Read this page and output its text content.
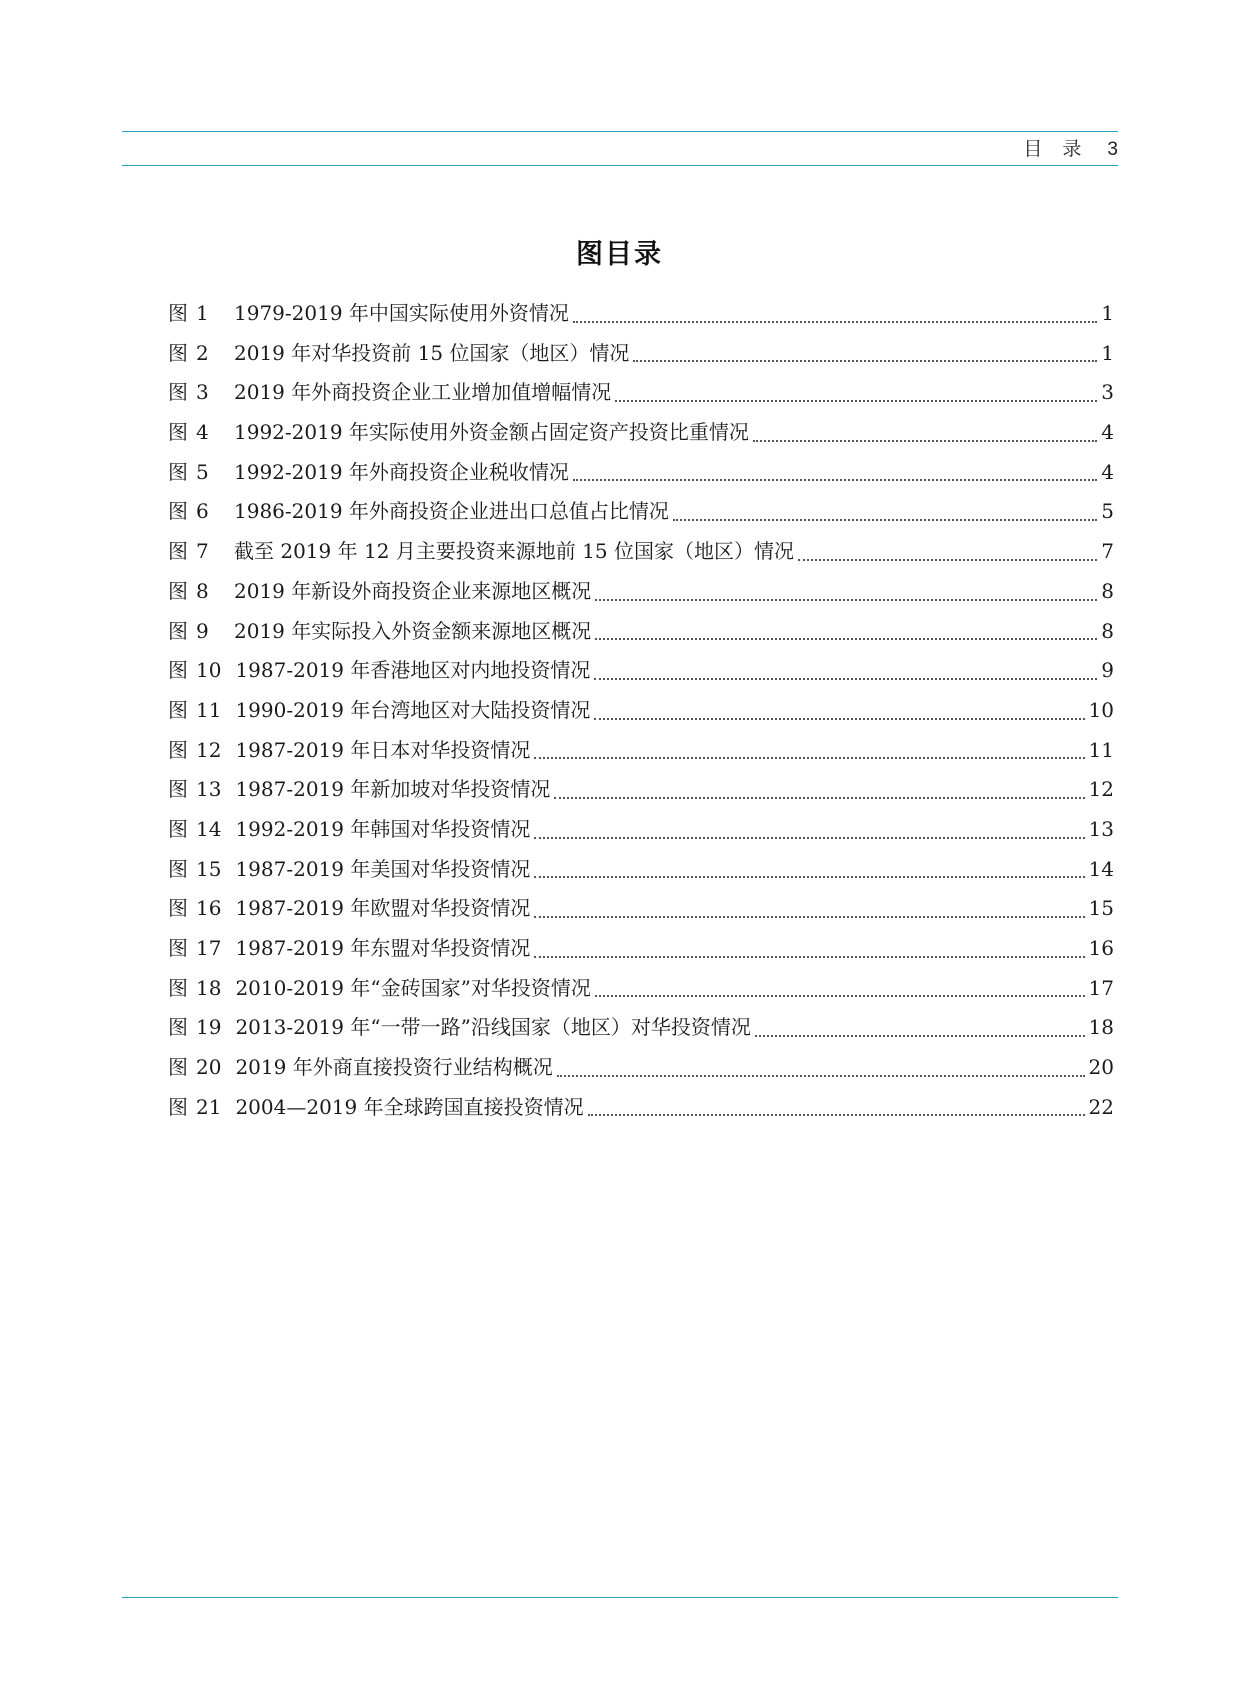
目录 3
图目录
图 1 1979-2019 年中国实际使用外资情况	1
图 2 2019 年对华投资前 15 位国家（地区）情况	1
图 3 2019 年外商投资企业工业增加值增幅情况	3
图 4 1992-2019 年实际使用外资金额占固定资产投资比重情况	4
图 5 1992-2019 年外商投资企业税收情况	4
图 6 1986-2019 年外商投资企业进出口总值占比情况	5
图 7 截至 2019 年 12 月主要投资来源地前 15 位国家（地区）情况	7
图 8 2019 年新设外商投资企业来源地区概况	8
图 9 2019 年实际投入外资金额来源地区概况	8
图 10 1987-2019 年香港地区对内地投资情况	9
图 11 1990-2019 年台湾地区对大陆投资情况	10
图 12 1987-2019 年日本对华投资情况	11
图 13 1987-2019 年新加坡对华投资情况	12
图 14 1992-2019 年韩国对华投资情况	13
图 15 1987-2019 年美国对华投资情况	14
图 16 1987-2019 年欧盟对华投资情况	15
图 17 1987-2019 年东盟对华投资情况	16
图 18 2010-2019 年“金砖国家”对华投资情况	17
图 19 2013-2019 年“一带一路”沿线国家（地区）对华投资情况	18
图 20 2019 年外商直接投资行业结构概况	20
图 21 2004—2019 年全球跨国直接投资情况	22
